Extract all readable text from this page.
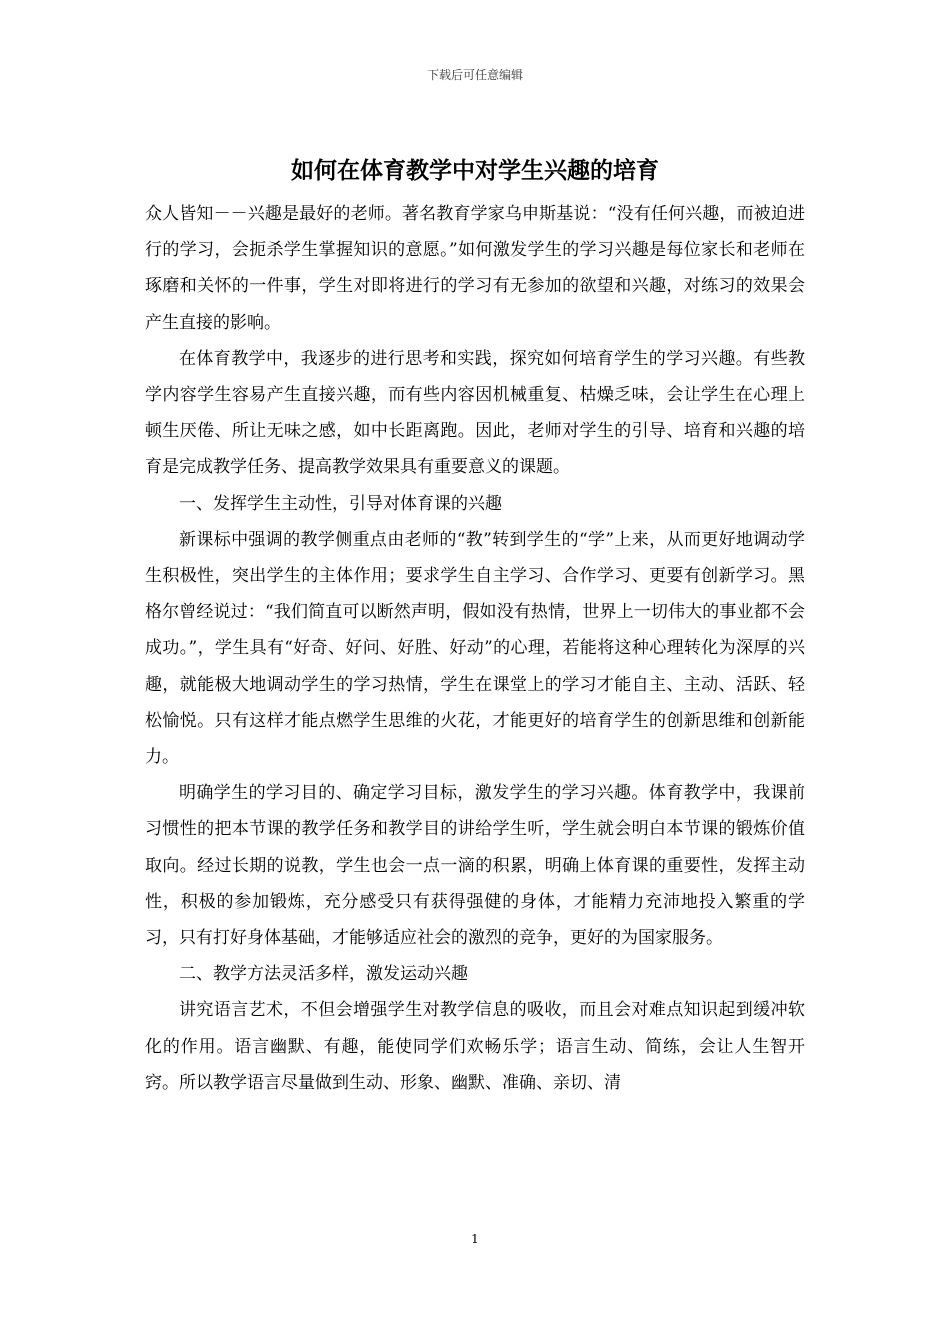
下载后可任意编辑
如何在体育教学中对学生兴趣的培育

众人皆知－－兴趣是最好的老师。著名教育学家乌申斯基说：“没有任何兴趣，而被迫进行的学习，会扼杀学生掌握知识的意愿。”如何激发学生的学习兴趣是每位家长和老师在琢磨和关怀的一件事，学生对即将进行的学习有无参加的欲望和兴趣，对练习的效果会产生直接的影响。

在体育教学中，我逐步的进行思考和实践，探究如何培育学生的学习兴趣。有些教学内容学生容易产生直接兴趣，而有些内容因机械重复、枯燥乏味，会让学生在心理上顿生厌倦、所让无味之感，如中长距离跑。因此，老师对学生的引导、培育和兴趣的培育是完成教学任务、提高教学效果具有重要意义的课题。

一、发挥学生主动性，引导对体育课的兴趣

新课标中强调的教学侧重点由老师的“教”转到学生的“学”上来，从而更好地调动学生积极性，突出学生的主体作用；要求学生自主学习、合作学习、更要有创新学习。黑格尔曾经说过：“我们简直可以断然声明，假如没有热情，世界上一切伟大的事业都不会成功。”，学生具有“好奇、好问、好胜、好动”的心理，若能将这种心理转化为深厚的兴趣，就能极大地调动学生的学习热情，学生在课堂上的学习才能自主、主动、活跃、轻松愉悦。只有这样才能点燃学生思维的火花，才能更好的培育学生的创新思维和创新能力。

明确学生的学习目的、确定学习目标，激发学生的学习兴趣。体育教学中，我课前习惯性的把本节课的教学任务和教学目的讲给学生听，学生就会明白本节课的锻炼价值取向。经过长期的说教，学生也会一点一滴的积累，明确上体育课的重要性，发挥主动性，积极的参加锻炼，充分感受只有获得强健的身体，才能精力充沛地投入繁重的学习，只有打好身体基础，才能够适应社会的激烈的竞争，更好的为国家服务。

二、教学方法灵活多样，激发运动兴趣

讲究语言艺术，不但会增强学生对教学信息的吸收，而且会对难点知识起到缓冲软化的作用。语言幽默、有趣，能使同学们欢畅乐学；语言生动、简练，会让人生智开窍。所以教学语言尽量做到生动、形象、幽默、准确、亲切、清

1
